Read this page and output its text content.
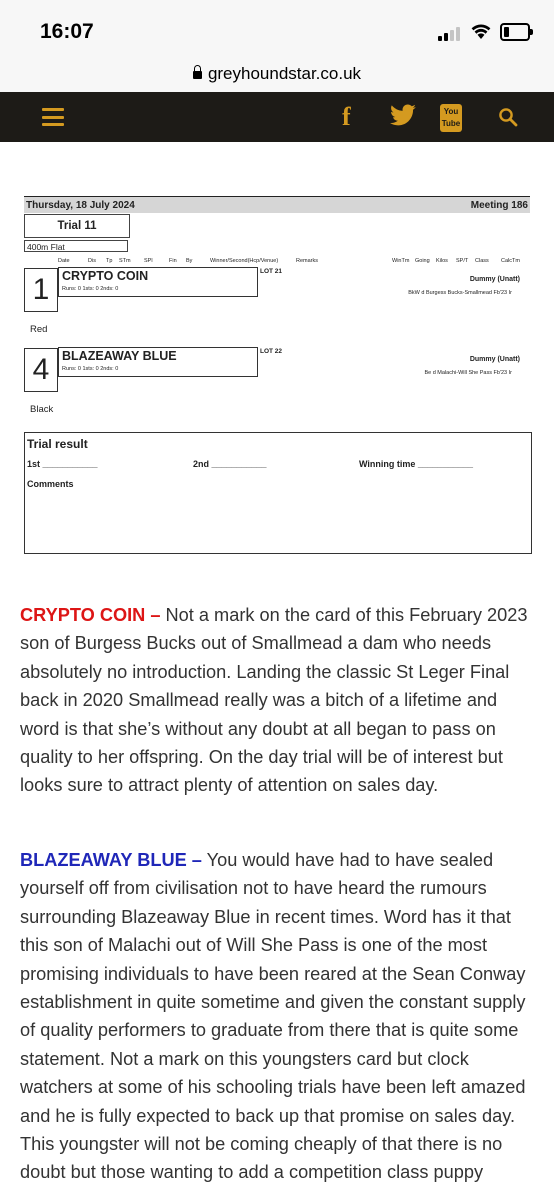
16:07
greyhoundstar.co.uk
f	You
Tube
Thursday, 18 July 2024	Meeting 186
Trial 11
400m Flat
Date	Dis Tp STm SPl	Fin By	Winner/Second(Hcp/Venue)	Remarks	WinTm Going Kilos SP/T Class CalcTm
1	CRYPTO COIN
Runs: 0 1sts: 0 2nds: 0
LOT 21
Dummy (Unatt)
BkW d Burgess Bucks-Smallmead Fb'23 Ir
Red
4	BLAZEAWAY BLUE
Runs: 0 1sts: 0 2nds: 0
LOT 22
Dummy (Unatt)
Be d Malachi-Will She Pass Fb'23 Ir
Black
Trial result
1st ___________	2nd ___________	Winning time ___________
Comments

CRYPTO COIN – Not a mark on the card of this February 2023 son of Burgess Bucks out of Smallmead a dam who needs absolutely no introduction. Landing the classic St Leger Final back in 2020 Smallmead really was a bitch of a lifetime and word is that she’s without any doubt at all began to pass on quality to her offspring. On the day trial will be of interest but looks sure to attract plenty of attention on sales day.

BLAZEAWAY BLUE – You would have had to have sealed yourself off from civilisation not to have heard the rumours surrounding Blazeaway Blue in recent times. Word has it that this son of Malachi out of Will She Pass is one of the most promising individuals to have been reared at the Sean Conway establishment in quite sometime and given the constant supply of quality performers to graduate from there that is quite some statement. Not a mark on this youngsters card but clock watchers at some of his schooling trials have been left amazed and he is fully expected to back up that promise on sales day. This youngster will not be coming cheaply of that there is no doubt but those wanting to add a competition class puppy
